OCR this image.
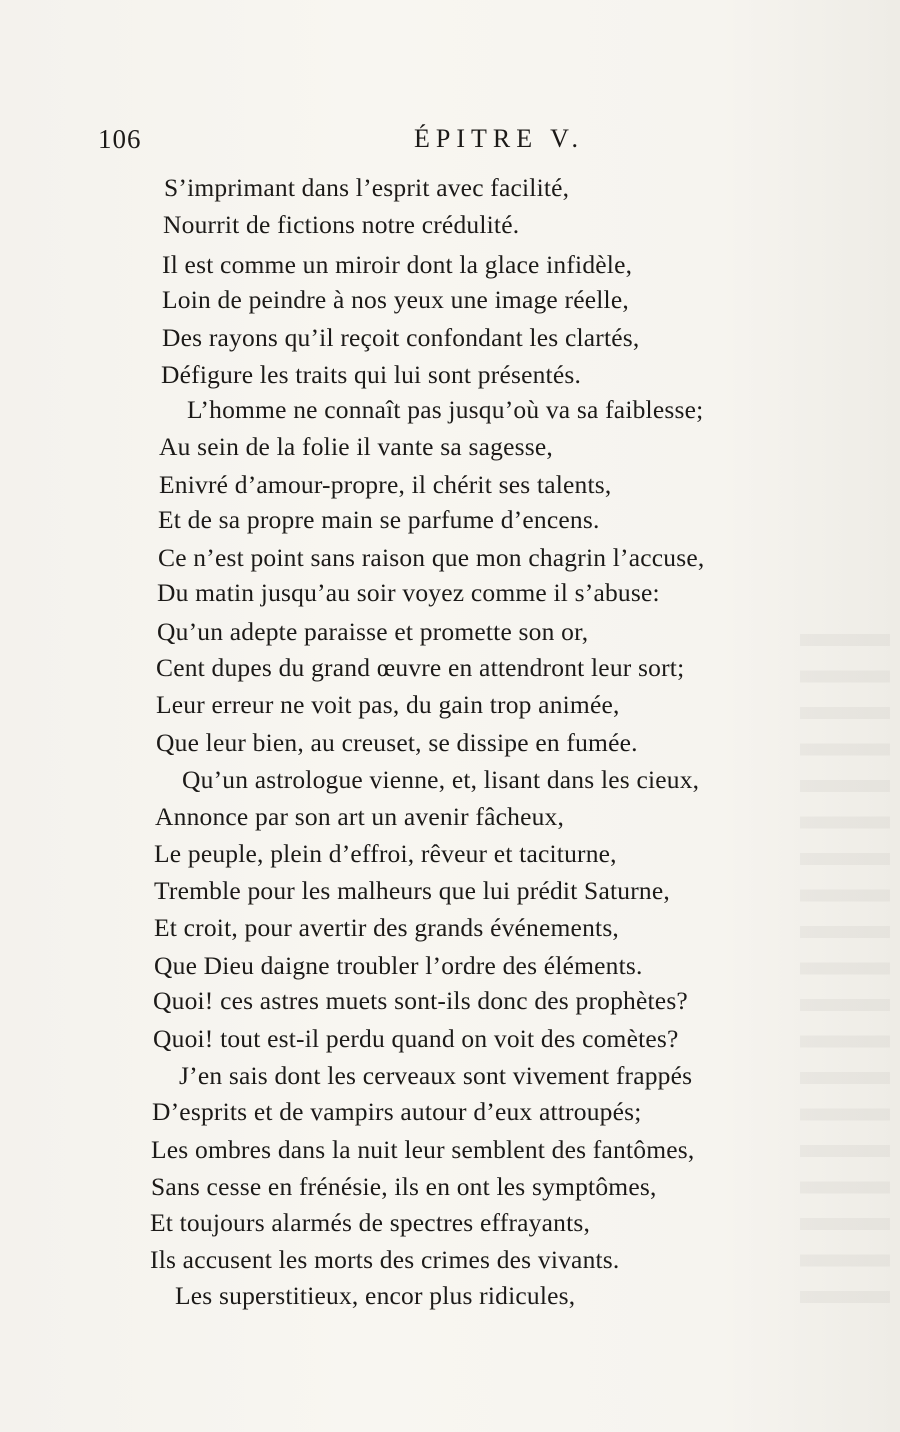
106	ÉPITRE V.
S’imprimant dans l’esprit avec facilité,
Nourrit de fictions notre crédulité.
Il est comme un miroir dont la glace infidèle,
Loin de peindre à nos yeux une image réelle,
Des rayons qu’il reçoit confondant les clartés,
Défigure les traits qui lui sont présentés.
L’homme ne connaît pas jusqu’où va sa faiblesse;
Au sein de la folie il vante sa sagesse,
Enivré d’amour-propre, il chérit ses talents,
Et de sa propre main se parfume d’encens.
Ce n’est point sans raison que mon chagrin l’accuse,
Du matin jusqu’au soir voyez comme il s’abuse:
Qu’un adepte paraisse et promette son or,
Cent dupes du grand œuvre en attendront leur sort;
Leur erreur ne voit pas, du gain trop animée,
Que leur bien, au creuset, se dissipe en fumée.
Qu’un astrologue vienne, et, lisant dans les cieux,
Annonce par son art un avenir fâcheux,
Le peuple, plein d’effroi, rêveur et taciturne,
Tremble pour les malheurs que lui prédit Saturne,
Et croit, pour avertir des grands événements,
Que Dieu daigne troubler l’ordre des éléments.
Quoi! ces astres muets sont-ils donc des prophètes?
Quoi! tout est-il perdu quand on voit des comètes?
J’en sais dont les cerveaux sont vivement frappés
D’esprits et de vampirs autour d’eux attroupés;
Les ombres dans la nuit leur semblent des fantômes,
Sans cesse en frénésie, ils en ont les symptômes,
Et toujours alarmés de spectres effrayants,
Ils accusent les morts des crimes des vivants.
Les superstitieux, encor plus ridicules,
